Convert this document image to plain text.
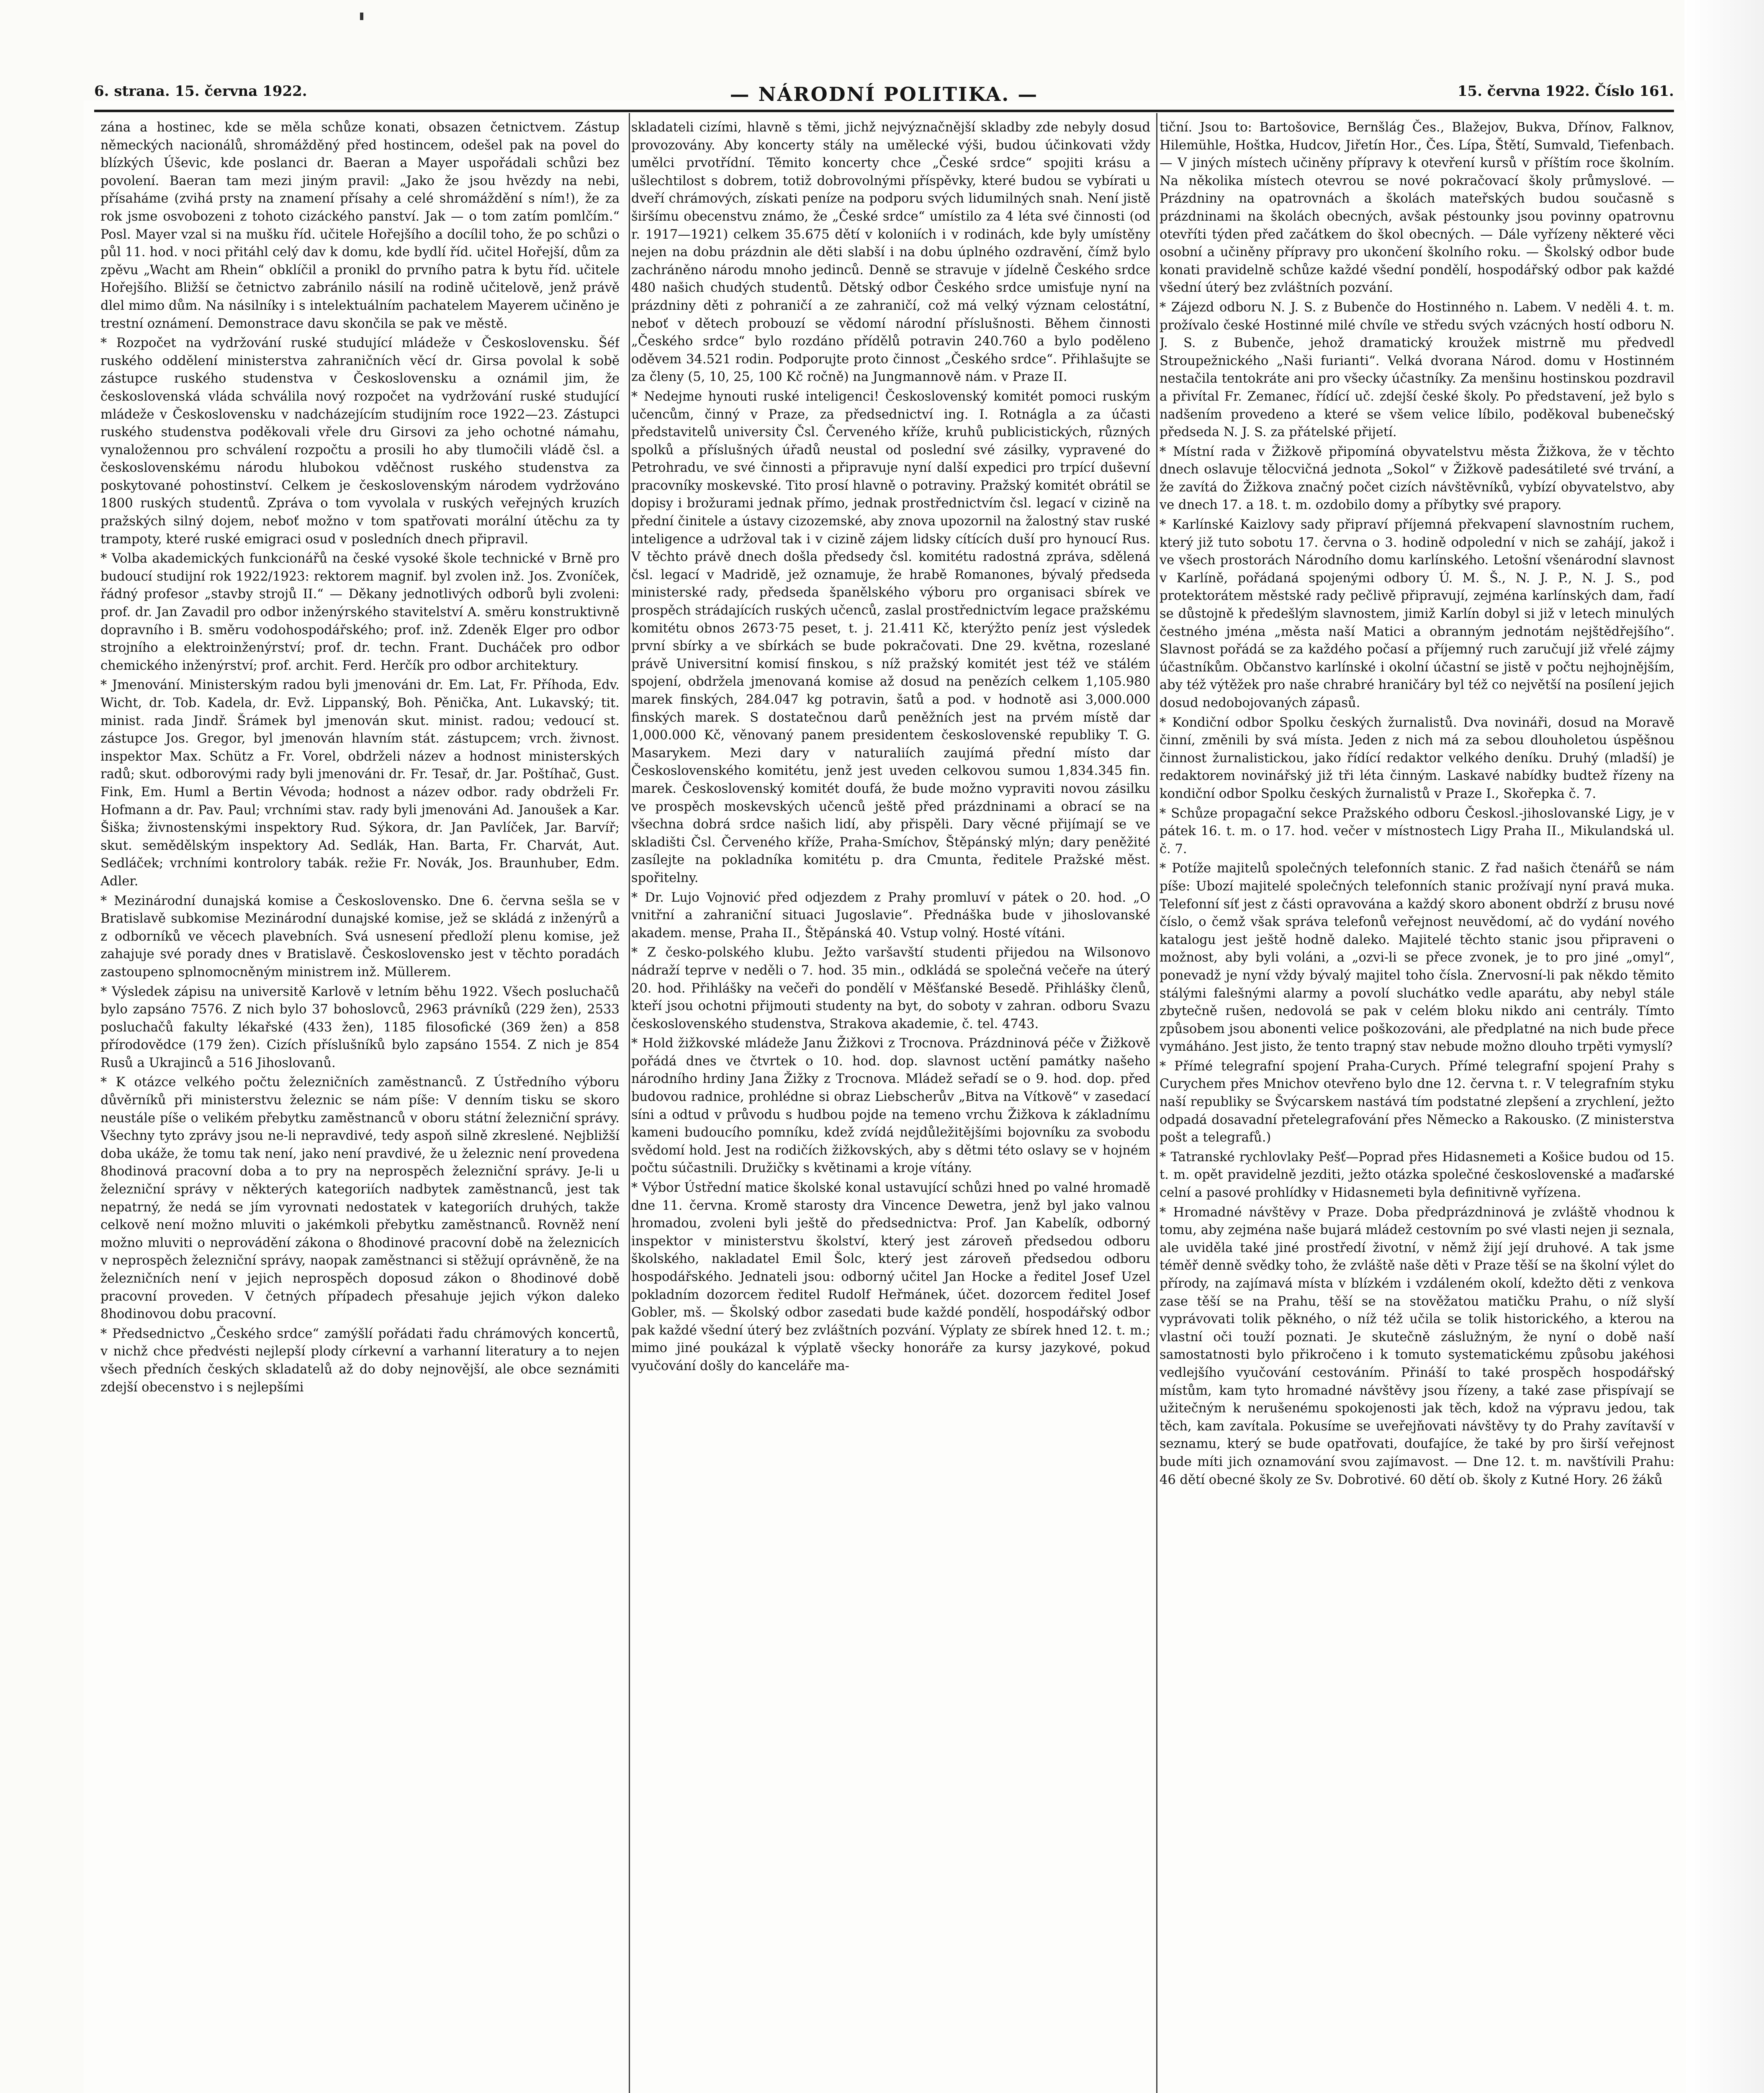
6. strana. 15. června 1922.	— NÁRODNÍ POLITIKA. —	15. června 1922. Číslo 161.

zána a hostinec, kde se měla schůze konati, obsazen četnictvem. Zástup německých nacionálů, shromážděný před hostincem, odešel pak na povel do blízkých Úševic, kde poslanci dr. Baeran a Mayer uspořádali schůzi bez povolení. Baeran tam mezi jiným pravil: „Jako že jsou hvězdy na nebi, přísaháme (zvihá prsty na znamení přísahy a celé shromáždění s ním!), že za rok jsme osvobozeni z tohoto cizáckého panství. Jak — o tom zatím pomlčím.“ Posl. Mayer vzal si na mušku říd. učitele Hořejšího a docílil toho, že po schůzi o půl 11. hod. v noci přitáhl celý dav k domu, kde bydlí říd. učitel Hořejší, dům za zpěvu „Wacht am Rhein“ obklíčil a pronikl do prvního patra k bytu říd. učitele Hořejšího. Bližší se četnictvo zabránilo násilí na rodině učitelově, jenž právě dlel mimo dům. Na násilníky i s intelektuálním pachatelem Mayerem učiněno je trestní oznámení. Demonstrace davu skončila se pak ve městě.

* Rozpočet na vydržování ruské studující mládeže v Československu. Šéf ruského oddělení ministerstva zahraničních věcí dr. Girsa povolal k sobě zástupce ruského studenstva v Československu a oznámil jim, že československá vláda schválila nový rozpočet na vydržování ruské studující mládeže v Československu v nadcházejícím studijním roce 1922—23. Zástupci ruského studenstva poděkovali vřele dru Girsovi za jeho ochotné námahu, vynaložennou pro schválení rozpočtu a prosili ho aby tlumočili vládě čsl. a československému národu hlubokou vděčnost ruského studenstva za poskytované pohostinství. Celkem je československým národem vydržováno 1800 ruských studentů. Zpráva o tom vyvolala v ruských veřejných kruzích pražských silný dojem, neboť možno v tom spatřovati morální útěchu za ty trampoty, které ruské emigraci osud v posledních dnech připravil.

* Volba akademických funkcionářů na české vysoké škole technické v Brně pro budoucí studijní rok 1922/1923: rektorem magnif. byl zvolen inž. Jos. Zvoníček, řádný profesor „stavby strojů II.“ — Děkany jednotlivých odborů byli zvoleni: prof. dr. Jan Zavadil pro odbor inženýrského stavitelství A. směru konstruktivně dopravního i B. směru vodohospodářského; prof. inž. Zdeněk Elger pro odbor strojního a elektroinženýrství; prof. dr. techn. Frant. Ducháček pro odbor chemického inženýrství; prof. archit. Ferd. Herčík pro odbor architektury.

* Jmenování. Ministerským radou byli jmenováni dr. Em. Lat, Fr. Příhoda, Edv. Wicht, dr. Tob. Kadela, dr. Evž. Lippanský, Boh. Pěnička, Ant. Lukavský; tit. minist. rada Jindř. Šrámek byl jmenován skut. minist. radou; vedoucí st. zástupce Jos. Gregor, byl jmenován hlavním stát. zástupcem; vrch. živnost. inspektor Max. Schütz a Fr. Vorel, obdrželi název a hodnost ministerských radů; skut. odborovými rady byli jmenováni dr. Fr. Tesař, dr. Jar. Poštíhač, Gust. Fink, Em. Huml a Bertin Vévoda; hodnost a název odbor. rady obdrželi Fr. Hofmann a dr. Pav. Paul; vrchními stav. rady byli jmenováni Ad. Janoušek a Kar. Šiška; živnostenskými inspektory Rud. Sýkora, dr. Jan Pavlíček, Jar. Barvíř; skut. semědělským inspektory Ad. Sedlák, Han. Barta, Fr. Charvát, Aut. Sedláček; vrchními kontrolory tabák. režie Fr. Novák, Jos. Braunhuber, Edm. Adler.

* Mezinárodní dunajská komise a Československo. Dne 6. června sešla se v Bratislavě subkomise Mezinárodní dunajské komise, jež se skládá z inženýrů a z odborníků ve věcech plavebních. Svá usnesení předloží plenu komise, jež zahajuje své porady dnes v Bratislavě. Československo jest v těchto poradách zastoupeno splnomocněným ministrem inž. Müllerem.

* Výsledek zápisu na universitě Karlově v letním běhu 1922. Všech posluchačů bylo zapsáno 7576. Z nich bylo 37 bohoslovců, 2963 právníků (229 žen), 2533 posluchačů fakulty lékařské (433 žen), 1185 filosofické (369 žen) a 858 přírodovědce (179 žen). Cizích příslušníků bylo zapsáno 1554. Z nich je 854 Rusů a Ukrajinců a 516 Jihoslovanů.

* K otázce velkého počtu železničních zaměstnanců. Z Ústředního výboru důvěrníků při ministerstvu železnic se nám píše: V denním tisku se skoro neustále píše o velikém přebytku zaměstnanců v oboru státní železniční správy. Všechny tyto zprávy jsou ne-li nepravdivé, tedy aspoň silně zkreslené. Nejbližší doba ukáže, že tomu tak není, jako není pravdivé, že u železnic není provedena 8hodinová pracovní doba a to pry na neprospěch železniční správy. Je-li u železniční správy v některých kategoriích nadbytek zaměstnanců, jest tak nepatrný, že nedá se jím vyrovnati nedostatek v kategoriích druhých, takže celkově není možno mluviti o jakémkoli přebytku zaměstnanců. Rovněž není možno mluviti o neprovádění zákona o 8hodinové pracovní době na železnicích v neprospěch železniční správy, naopak zaměstnanci si stěžují oprávněně, že na železničních není v jejich neprospěch doposud zákon o 8hodinové době pracovní proveden. V četných případech přesahuje jejich výkon daleko 8hodinovou dobu pracovní.

* Předsednictvo „Českého srdce“ zamýšlí pořádati řadu chrámových koncertů, v nichž chce předvésti nejlepší plody církevní a varhanní literatury a to nejen všech předních českých skladatelů až do doby nejnovější, ale obce seznámiti zdejší obecenstvo i s nejlepšími

skladateli cizími, hlavně s těmi, jichž nejvýznačnější skladby zde nebyly dosud provozovány. Aby koncerty stály na umělecké výši, budou účinkovati vždy umělci prvotřídní. Těmito koncerty chce „České srdce“ spojiti krásu a ušlechtilost s dobrem, totiž dobrovolnými příspěvky, které budou se vybírati u dveří chrámových, získati peníze na podporu svých lidumilných snah. Není jistě širšímu obecenstvu známo, že „České srdce“ umístilo za 4 léta své činnosti (od r. 1917—1921) celkem 35.675 dětí v koloniích i v rodinách, kde byly umístěny nejen na dobu prázdnin ale děti slabší i na dobu úplného ozdravění, čímž bylo zachráněno národu mnoho jedinců. Denně se stravuje v jídelně Českého srdce 480 našich chudých studentů. Dětský odbor Českého srdce umisťuje nyní na prázdniny děti z pohraničí a ze zahraničí, což má velký význam celostátní, neboť v dětech probouzí se vědomí národní příslušnosti. Během činnosti „Českého srdce“ bylo rozdáno přídělů potravin 240.760 a bylo poděleno oděvem 34.521 rodin. Podporujte proto činnost „Českého srdce“. Přihlašujte se za členy (5, 10, 25, 100 Kč ročně) na Jungmannově nám. v Praze II.

* Nedejme hynouti ruské inteligenci! Československý komitét pomoci ruským učencům, činný v Praze, za předsednictví ing. I. Rotnágla a za účasti představitelů university Čsl. Červeného kříže, kruhů publicistických, různých spolků a příslušných úřadů neustal od poslední své zásilky, vypravené do Petrohradu, ve své činnosti a připravuje nyní další expedici pro trpící duševní pracovníky moskevské. Tito prosí hlavně o potraviny. Pražský komitét obrátil se dopisy i brožurami jednak přímo, jednak prostřednictvím čsl. legací v cizině na přední činitele a ústavy cizozemské, aby znova upozornil na žalostný stav ruské inteligence a udržoval tak i v cizině zájem lidsky cítících duší pro hynoucí Rus. V těchto právě dnech došla předsedy čsl. komitétu radostná zpráva, sdělená čsl. legací v Madridě, jež oznamuje, že hrabě Romanones, bývalý předseda ministerské rady, předseda španělského výboru pro organisaci sbírek ve prospěch strádajících ruských učenců, zaslal prostřednictvím legace pražskému komitétu obnos 2673·75 peset, t. j. 21.411 Kč, kterýžto peníz jest výsledek první sbírky a ve sbírkách se bude pokračovati. Dne 29. května, rozeslané právě Universitní komisí finskou, s níž pražský komitét jest též ve stálém spojení, obdržela jmenovaná komise až dosud na penězích celkem 1,105.980 marek finských, 284.047 kg potravin, šatů a pod. v hodnotě asi 3,000.000 finských marek. S dostatečnou darů peněžních jest na prvém místě dar 1,000.000 Kč, věnovaný panem presidentem československé republiky T. G. Masarykem. Mezi dary v naturaliích zaujímá přední místo dar Československého komitétu, jenž jest uveden celkovou sumou 1,834.345 fin. marek. Československý komitét doufá, že bude možno vypraviti novou zásilku ve prospěch moskevských učenců ještě před prázdninami a obrací se na všechna dobrá srdce našich lidí, aby přispěli. Dary věcné přijímají se ve skladišti Čsl. Červeného kříže, Praha-Smíchov, Štěpánský mlýn; dary peněžité zasílejte na pokladníka komitétu p. dra Cmunta, ředitele Pražské měst. spořitelny.

* Dr. Lujo Vojnović před odjezdem z Prahy promluví v pátek o 20. hod. „O vnitřní a zahraniční situaci Jugoslavie“. Přednáška bude v jihoslovanské akadem. mense, Praha II., Štěpánská 40. Vstup volný. Hosté vítáni.

* Z česko-polského klubu. Ježto varšavští studenti přijedou na Wilsonovo nádraží teprve v neděli o 7. hod. 35 min., odkládá se společná večeře na úterý 20. hod. Přihlášky na večeři do pondělí v Měšťanské Besedě. Přihlášky členů, kteří jsou ochotni přijmouti studenty na byt, do soboty v zahran. odboru Svazu československého studenstva, Strakova akademie, č. tel. 4743.

* Hold žižkovské mládeže Janu Žižkovi z Trocnova. Prázdninová péče v Žižkově pořádá dnes ve čtvrtek o 10. hod. dop. slavnost uctění památky našeho národního hrdiny Jana Žižky z Trocnova. Mládež seřadí se o 9. hod. dop. před budovou radnice, prohlédne si obraz Liebscherův „Bitva na Vítkově“ v zasedací síni a odtud v průvodu s hudbou pojde na temeno vrchu Žižkova k základnímu kameni budoucího pomníku, kdež zvídá nejdůležitějšími bojovníku za svobodu svědomí hold. Jest na rodičích žižkovských, aby s dětmi této oslavy se v hojném počtu súčastnili. Družičky s květinami a kroje vítány.

* Výbor Ústřední matice školské konal ustavující schůzi hned po valné hromadě dne 11. června. Kromě starosty dra Vincence Dewetra, jenž byl jako valnou hromadou, zvoleni byli ještě do předsednictva: Prof. Jan Kabelík, odborný inspektor v ministerstvu školství, který jest zároveň předsedou odboru školského, nakladatel Emil Šolc, který jest zároveň předsedou odboru hospodářského. Jednateli jsou: odborný učitel Jan Hocke a ředitel Josef Uzel pokladním dozorcem ředitel Rudolf Heřmánek, účet. dozorcem ředitel Josef Gobler, mš. — Školský odbor zasedati bude každé pondělí, hospodářský odbor pak každé všední úterý bez zvláštních pozvání. Výplaty ze sbírek hned 12. t. m.; mimo jiné poukázal k výplatě všecky honoráře za kursy jazykové, pokud vyučování došly do kanceláře ma-

tiční. Jsou to: Bartošovice, Bernšlág Čes., Blažejov, Bukva, Dřínov, Falknov, Hilemühle, Hoštka, Hudcov, Jiřetín Hor., Čes. Lípa, Štětí, Sumvald, Tiefenbach. — V jiných místech učiněny přípravy k otevření kursů v příštím roce školním. Na několika místech otevrou se nové pokračovací školy průmyslové. — Prázdniny na opatrovnách a školách mateřských budou současně s prázdninami na školách obecných, avšak péstounky jsou povinny opatrovnu otevříti týden před začátkem do škol obecných. — Dále vyřízeny některé věci osobní a učiněny přípravy pro ukončení školního roku. — Školský odbor bude konati pravidelně schůze každé všední pondělí, hospodářský odbor pak každé všední úterý bez zvláštních pozvání.

* Zájezd odboru N. J. S. z Bubenče do Hostinného n. Labem. V neděli 4. t. m. prožívalo české Hostinné milé chvíle ve středu svých vzácných hostí odboru N. J. S. z Bubenče, jehož dramatický kroužek mistrně mu předvedl Stroupežnického „Naši furianti“. Velká dvorana Národ. domu v Hostinném nestačila tentokráte ani pro všecky účastníky. Za menšinu hostinskou pozdravil a přivítal Fr. Zemanec, řídící uč. zdejší české školy. Po představení, jež bylo s nadšením provedeno a které se všem velice líbilo, poděkoval bubenečský předseda N. J. S. za přátelské přijetí.

* Místní rada v Žižkově připomíná obyvatelstvu města Žižkova, že v těchto dnech oslavuje tělocvičná jednota „Sokol“ v Žižkově padesátileté své trvání, a že zavítá do Žižkova značný počet cizích návštěvníků, vybízí obyvatelstvo, aby ve dnech 17. a 18. t. m. ozdobilo domy a příbytky své prapory.

* Karlínské Kaizlovy sady připraví příjemná překvapení slavnostním ruchem, který již tuto sobotu 17. června o 3. hodině odpolední v nich se zahájí, jakož i ve všech prostorách Národního domu karlínského. Letošní všenárodní slavnost v Karlíně, pořádaná spojenými odbory Ú. M. Š., N. J. P., N. J. S., pod protektorátem městské rady pečlivě připravují, zejména karlínských dam, řadí se důstojně k předešlým slavnostem, jimiž Karlín dobyl si již v letech minulých čestného jména „města naší Matici a obranným jednotám nejštědřejšího“. Slavnost pořádá se za každého počasí a příjemný ruch zaručují již vřelé zájmy účastníkům. Občanstvo karlínské i okolní účastní se jistě v počtu nejhojnějším, aby též výtěžek pro naše chrabré hraničáry byl též co největší na posílení jejich dosud nedobojovaných zápasů.

* Kondiční odbor Spolku českých žurnalistů. Dva novináři, dosud na Moravě činní, změnili by svá místa. Jeden z nich má za sebou dlouholetou úspěšnou činnost žurnalistickou, jako řídící redaktor velkého deníku. Druhý (mladší) je redaktorem novinářský již tři léta činným. Laskavé nabídky budtež řízeny na kondiční odbor Spolku českých žurnalistů v Praze I., Skořepka č. 7.

* Schůze propagační sekce Pražského odboru Českosl.-jihoslovanské Ligy, je v pátek 16. t. m. o 17. hod. večer v místnostech Ligy Praha II., Mikulandská ul. č. 7.

* Potíže majitelů společných telefonních stanic. Z řad našich čtenářů se nám píše: Ubozí majitelé společných telefonních stanic prožívají nyní pravá muka. Telefonní síť jest z části opravována a každý skoro abonent obdrží z brusu nové číslo, o čemž však správa telefonů veřejnost neuvědomí, ač do vydání nového katalogu jest ještě hodně daleko. Majitelé těchto stanic jsou připraveni o možnost, aby byli voláni, a „ozvi-li se přece zvonek, je to pro jiné „omyl“, ponevadž je nyní vždy bývalý majitel toho čísla. Znervosní-li pak někdo těmito stálými falešnými alarmy a povolí sluchátko vedle aparátu, aby nebyl stále zbytečně rušen, nedovolá se pak v celém bloku nikdo ani centrály. Tímto způsobem jsou abonenti velice poškozováni, ale předplatné na nich bude přece vymáháno. Jest jisto, že tento trapný stav nebude možno dlouho trpěti vymyslí?

* Přímé telegrafní spojení Praha-Curych. Přímé telegrafní spojení Prahy s Curychem přes Mnichov otevřeno bylo dne 12. června t. r. V telegrafním styku naší republiky se Švýcarskem nastává tím podstatné zlepšení a zrychlení, ježto odpadá dosavadní přetelegrafování přes Německo a Rakousko. (Z ministerstva pošt a telegrafů.)

* Tatranské rychlovlaky Pešť—Poprad přes Hidasnemeti a Košice budou od 15. t. m. opět pravidelně jezditi, ježto otázka společné československé a maďarské celní a pasové prohlídky v Hidasnemeti byla definitivně vyřízena.

* Hromadné návštěvy v Praze. Doba předprázdninová je zvláště vhodnou k tomu, aby zejména naše bujará mládež cestovním po své vlasti nejen ji seznala, ale uviděla také jiné prostředí životní, v němž žijí její druhové. A tak jsme téměř denně svědky toho, že zvláště naše děti v Praze těší se na školní výlet do přírody, na zajímavá místa v blízkém i vzdáleném okolí, kdežto děti z venkova zase těší se na Prahu, těší se na stověžatou matičku Prahu, o níž slyší vyprávovati tolik pěkného, o níž též učila se tolik historického, a kterou na vlastní oči touží poznati. Je skutečně záslužným, že nyní o době naší samostatnosti bylo přikročeno i k tomuto systematickému způsobu jakéhosi vedlejšího vyučování cestováním. Přináší to také prospěch hospodářský místům, kam tyto hromadné návštěvy jsou řízeny, a také zase přispívají se užitečným k nerušenému spokojenosti jak těch, kdož na výpravu jedou, tak těch, kam zavítala. Pokusíme se uveřejňovati návštěvy ty do Prahy zavítavší v seznamu, který se bude opatřovati, doufajíce, že také by pro širší veřejnost bude míti jich oznamování svou zajímavost. — Dne 12. t. m. navštívili Prahu: 46 dětí obecné školy ze Sv. Dobrotivé. 60 dětí ob. školy z Kutné Hory. 26 žáků
